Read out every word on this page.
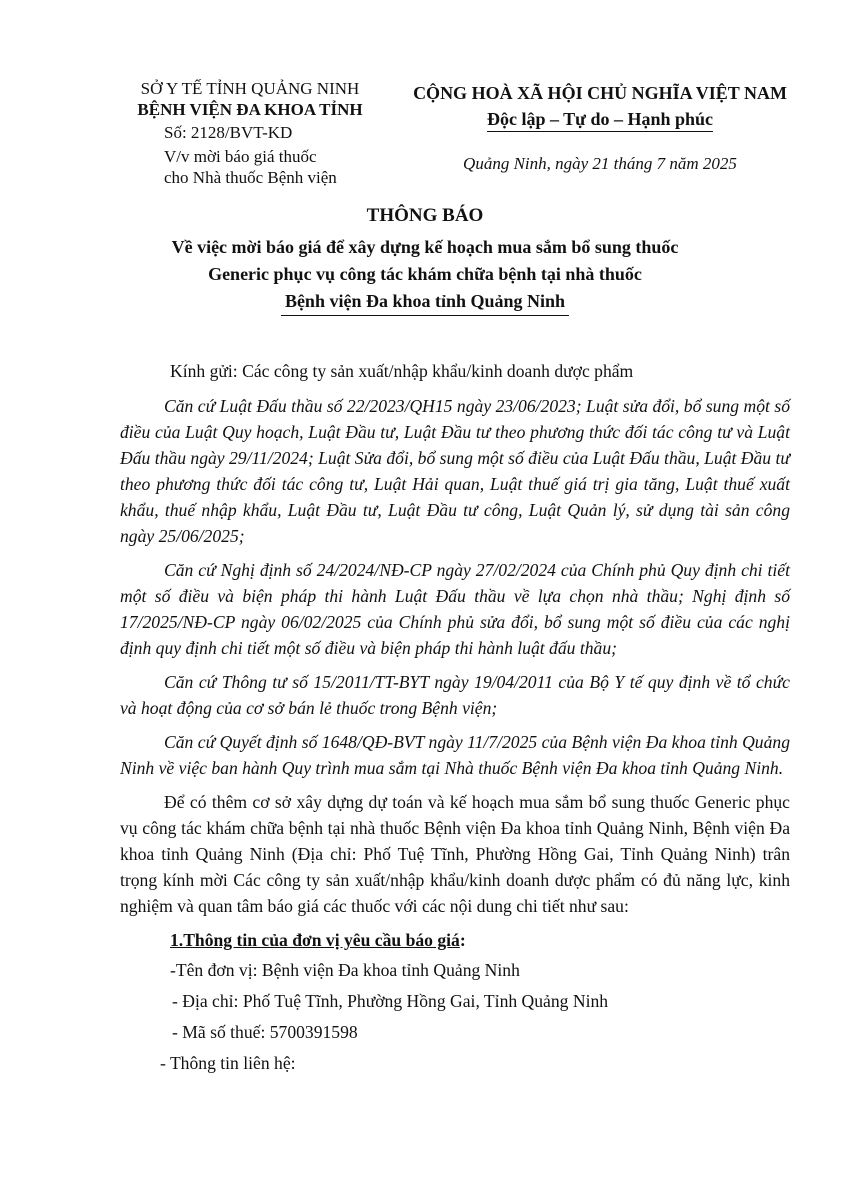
SỞ Y TẾ TỈNH QUẢNG NINH
BỆNH VIỆN ĐA KHOA TỈNH
Số: 2128/BVT-KD
V/v mời báo giá thuốc
cho Nhà thuốc Bệnh viện
CỘNG HOÀ XÃ HỘI CHỦ NGHĨA VIỆT NAM
Độc lập – Tự do – Hạnh phúc
Quảng Ninh, ngày 21 tháng 7 năm 2025
THÔNG BÁO
Về việc mời báo giá để xây dựng kế hoạch mua sắm bổ sung thuốc
Generic phục vụ công tác khám chữa bệnh tại nhà thuốc
Bệnh viện Đa khoa tỉnh Quảng Ninh

Kính gửi: Các công ty sản xuất/nhập khẩu/kinh doanh dược phẩm

Căn cứ Luật Đấu thầu số 22/2023/QH15 ngày 23/06/2023; Luật sửa đổi, bổ sung một số điều của Luật Quy hoạch, Luật Đầu tư, Luật Đầu tư theo phương thức đối tác công tư và Luật Đấu thầu ngày 29/11/2024; Luật Sửa đổi, bổ sung một số điều của Luật Đấu thầu, Luật Đầu tư theo phương thức đối tác công tư, Luật Hải quan, Luật thuế giá trị gia tăng, Luật thuế xuất khẩu, thuế nhập khẩu, Luật Đầu tư, Luật Đầu tư công, Luật Quản lý, sử dụng tài sản công ngày 25/06/2025;

Căn cứ Nghị định số 24/2024/NĐ-CP ngày 27/02/2024 của Chính phủ Quy định chi tiết một số điều và biện pháp thi hành Luật Đấu thầu về lựa chọn nhà thầu; Nghị định số 17/2025/NĐ-CP ngày 06/02/2025 của Chính phủ sửa đổi, bổ sung một số điều của các nghị định quy định chi tiết một số điều và biện pháp thi hành luật đấu thầu;

Căn cứ Thông tư số 15/2011/TT-BYT ngày 19/04/2011 của Bộ Y tế quy định về tổ chức và hoạt động của cơ sở bán lẻ thuốc trong Bệnh viện;

Căn cứ Quyết định số 1648/QĐ-BVT ngày 11/7/2025 của Bệnh viện Đa khoa tỉnh Quảng Ninh về việc ban hành Quy trình mua sắm tại Nhà thuốc Bệnh viện Đa khoa tỉnh Quảng Ninh.

Để có thêm cơ sở xây dựng dự toán và kế hoạch mua sắm bổ sung thuốc Generic phục vụ công tác khám chữa bệnh tại nhà thuốc Bệnh viện Đa khoa tỉnh Quảng Ninh, Bệnh viện Đa khoa tỉnh Quảng Ninh (Địa chỉ: Phố Tuệ Tĩnh, Phường Hồng Gai, Tỉnh Quảng Ninh) trân trọng kính mời Các công ty sản xuất/nhập khẩu/kinh doanh dược phẩm có đủ năng lực, kinh nghiệm và quan tâm báo giá các thuốc với các nội dung chi tiết như sau:

1.Thông tin của đơn vị yêu cầu báo giá:

-Tên đơn vị: Bệnh viện Đa khoa tỉnh Quảng Ninh

- Địa chỉ: Phố Tuệ Tĩnh, Phường Hồng Gai, Tỉnh Quảng Ninh

- Mã số thuế: 5700391598

- Thông tin liên hệ:
